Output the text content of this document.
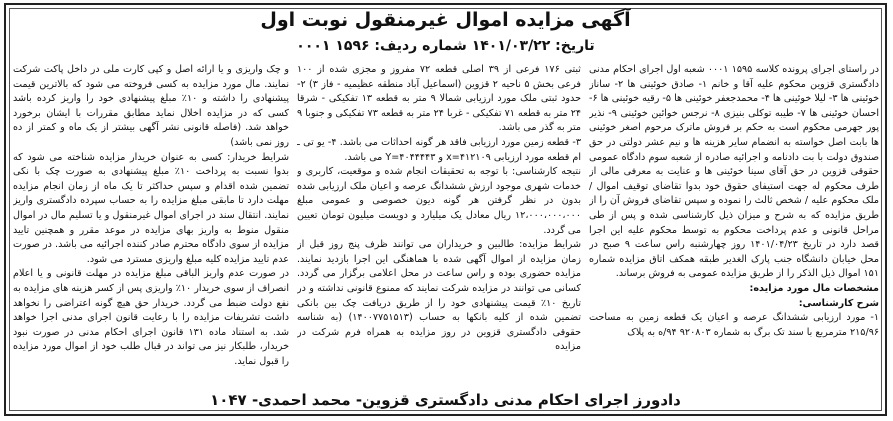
آگهی مزایده اموال غیرمنقول نوبت اول
تاریخ: ۱۴۰۱/۰۳/۲۲ شماره ردیف: ۱۵۹۶ ۰۰۰۱

در راستای اجرای پرونده کلاسه ۱۵۹۵ ۰۰۰۱ شعبه اول اجرای احکام مدنی دادگستری قزوین محکوم علیه آقا و خانم ۱- صادق خوئینی ها ۲- ساناز خوئینی ها ۳- لیلا خوئینی ها ۴- محمدجعفر خوئینی ها ۵- رقیه خوئینی ها ۶- احسان خوئینی ها ۷- طیبه توکلی بنیزی ۸- نرجس خوائین خوئینی ۹- نذیر پور جهرمی محکوم است به حکم بر فروش ماترک مرحوم اصغر خوئینی ها بابت اصل خواسته به انضمام سایر هزینه ها و نیم عشر دولتی در حق صندوق دولت با بت دادنامه و اجرائیه صادره از شعبه سوم دادگاه عمومی حقوقی قزوین در حق آقای سینا خوئینی ها و عنایت به معرفی مالی از طرف محکوم له جهت استیفای حقوق خود بدوا تقاضای توقیف اموال / ملک محکوم علیه / شخص ثالث را نموده و سپس تقاضای فروش آن را از طریق مزایده که به شرح و میزان ذیل کارشناسی شده و پس از طی مراحل قانونی و عدم پرداخت محکوم به توسط محکوم علیه این اجرا قصد دارد در تاریخ ۱۴۰۱/۰۴/۲۳ روز چهارشنبه راس ساعت ۹ صبح در محل خیابان دانشگاه جنب پارک الغدیر طبقه همکف اتاق مزایده شماره ۱۵۱ اموال ذیل الذکر را از طریق مزایده عمومی به فروش برساند.

مشخصات مال مورد مزایده:

شرح کارشناسی:

۱- مورد ارزیابی ششدانگ عرصه و اعیان یک قطعه زمین به مساحت ۲۱۵/۹۶ مترمربع با سند تک برگ به شماره ۹۲۰۸۰۳ ۹۴/ه به پلاک

ثبتی ۱۷۶ فرعی از ۳۹ اصلی قطعه ۷۲ مفروز و مجزی شده از ۱۰۰ فرعی بخش ۵ ناحیه ۲ قزوین (اسماعیل آباد منطقه عظیمیه - فاز ۳) ۲- حدود ثبتی ملک مورد ارزیابی شمالا ۹ متر به قطعه ۱۳ تفکیکی - شرقا ۲۴ متر به قطعه ۷۱ تفکیکی - غربا ۲۴ متر به قطعه ۷۳ تفکیکی و جنوبا ۹ متر به گذر می باشد.

۳- قطعه زمین مورد ارزیابی فاقد هر گونه احداثات می باشد. ۴- یو تی ـ ام قطعه مورد ارزیابی ۴۱۲۱۰۹=x و ۴۰۴۴۴۴۳=Y می باشد.

نتیجه کارشناسی: با توجه به تحقیقات انجام شده و موقعیت، کاربری و خدمات شهری موجود ارزش ششدانگ عرصه و اعیان ملک ارزیابی شده بدون در نظر گرفتن هر گونه دیون خصوصی و عمومی مبلغ ۱۲،۰۰۰،۰۰۰،۰۰۰ ریال معادل یک میلیارد و دویست میلیون تومان تعیین می گردد.

شرایط مزایده: طالبین و خریداران می توانند ظرف پنج روز قبل از زمان مزایده از اموال آگهی شده با هماهنگی این اجرا بازدید نمایند. مزایده حضوری بوده و راس ساعت در محل اعلامی برگزار می گردد. کسانی می توانند در مزایده شرکت نمایند که ممنوع قانونی نداشته و در تاریخ ۱۰٪ قیمت پیشنهادی خود را از طریق دریافت چک بین بانکی تضمین شده از کلیه بانکها به حساب (۱۴۰۰۷۷۵۱۵۱۳) (به شناسه حقوقی دادگستری قزوین در روز مزایده به همراه فرم شرکت در مزایده

و چک واریزی و یا ارائه اصل و کپی کارت ملی در داخل پاکت شرکت نمایند. مال مورد مزایده به کسی فروخته می شود که بالاترین قیمت پیشنهادی را داشته و ۱۰٪ مبلغ پیشنهادی خود را واریز کرده باشد کسی که در مزایده اخلال نماید مطابق مقررات با ایشان برخورد خواهد شد. (فاصله قانونی نشر آگهی بیشتر از یک ماه و کمتر از ده روز نمی باشد)

شرایط خریدار: کسی به عنوان خریدار مزایده شناخته می شود که بدوا نسبت به پرداخت ۱۰٪ مبلغ پیشنهادی به صورت چک با نکی تضمین شده اقدام و سپس حداکثر تا یک ماه از زمان انجام مزایده مهلت دارد تا مابقی مبلغ مزایده را به حساب سپرده دادگستری واریز نمایند. انتقال سند در اجرای اموال غیرمنقول و یا تسلیم مال در اموال منقول منوط به واریز بهای مزایده در موعد مقرر و همچنین تایید مزایده از سوی دادگاه محترم صادر کننده اجرائیه می باشد. در صورت عدم تایید مزایده کلیه مبلغ واریزی مسترد می شود.

در صورت عدم واریز الباقی مبلغ مزایده در مهلت قانونی و یا اعلام انصراف از سوی خریدار ۱۰٪ واریزی پس از کسر هزینه های مزایده به نفع دولت ضبط می گردد. خریدار حق هیچ گونه اعتراضی را نخواهد داشت تشریفات مزایده را با رعایت قانون اجرای مدنی اجرا خواهد شد. به استناد ماده ۱۳۱ قانون اجرای احکام مدنی در صورت نبود خریدار، طلبکار نیز می تواند در قبال طلب خود از اموال مورد مزایده را قبول نماید.

دادورز اجرای احکام مدنی دادگستری قزوین- محمد احمدی- ۱۰۴۷
